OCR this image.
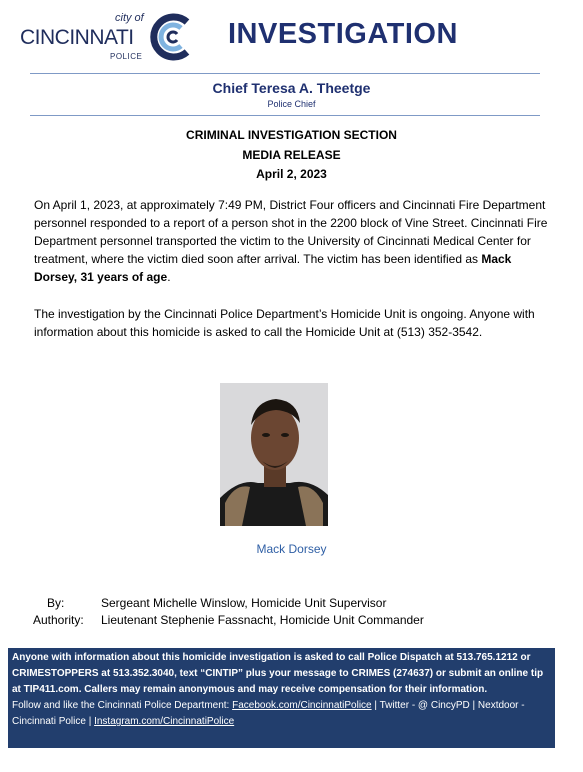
city of
CINCINNATI
POLICE
INVESTIGATION
Chief Teresa A. Theetge
Police Chief
CRIMINAL INVESTIGATION SECTION
MEDIA RELEASE
April 2, 2023
On April 1, 2023, at approximately 7:49 PM, District Four officers and Cincinnati Fire Department personnel responded to a report of a person shot in the 2200 block of Vine Street. Cincinnati Fire Department personnel transported the victim to the University of Cincinnati Medical Center for treatment, where the victim died soon after arrival. The victim has been identified as Mack Dorsey, 31 years of age.
The investigation by the Cincinnati Police Department’s Homicide Unit is ongoing. Anyone with information about this homicide is asked to call the Homicide Unit at (513) 352-3542.
Mack Dorsey
By:	Sergeant Michelle Winslow, Homicide Unit Supervisor
Authority: Lieutenant Stephenie Fassnacht, Homicide Unit Commander
Anyone with information about this homicide investigation is asked to call Police Dispatch at 513.765.1212 or CRIMESTOPPERS at 513.352.3040, text “CINTIP” plus your message to CRIMES (274637) or submit an online tip at TIP411.com. Callers may remain anonymous and may receive compensation for their information.
Follow and like the Cincinnati Police Department: Facebook.com/CincinnatiPolice | Twitter - @ CincyPD | Nextdoor - Cincinnati Police | Instagram.com/CincinnatiPolice
